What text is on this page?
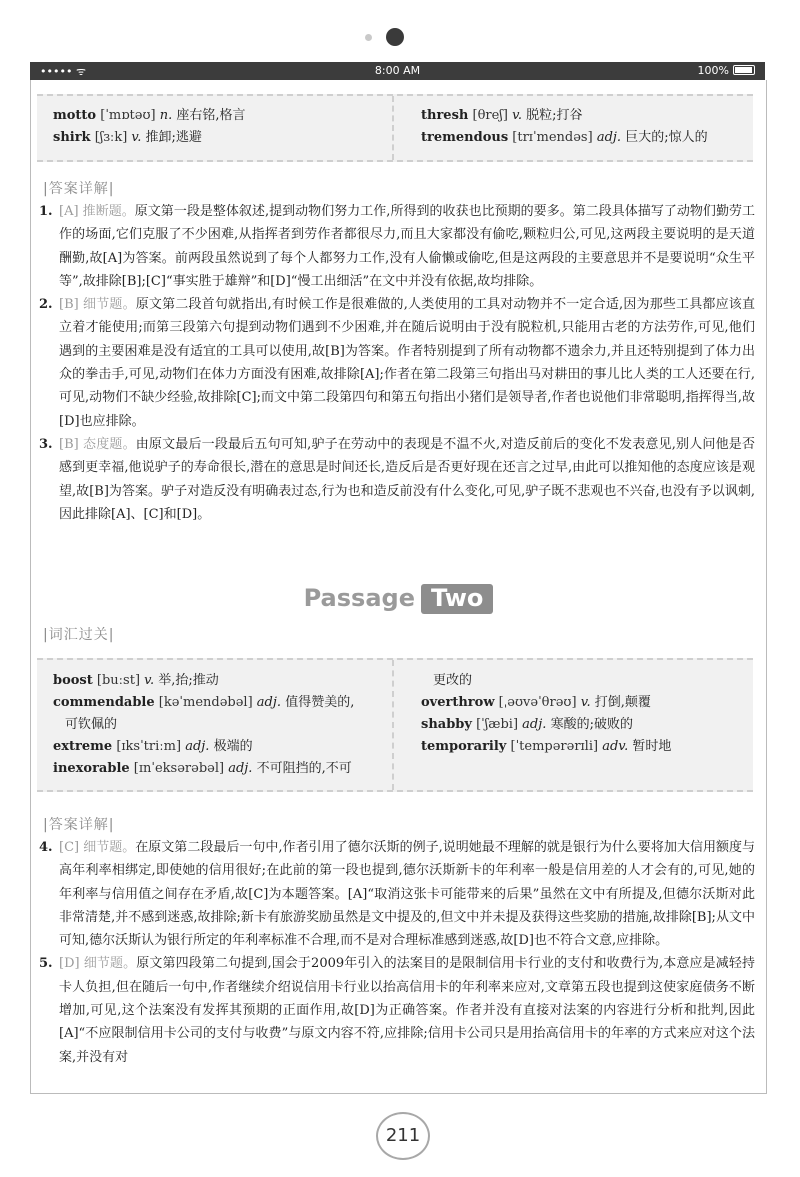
••••• ᯤ	8:00 AM	100%
motto [ˈmɒtəʊ] n. 座右铭,格言
shirk [ʃɜːk] v. 推卸;逃避
thresh [θreʃ] v. 脱粒;打谷
tremendous [trɪˈmendəs] adj. 巨大的;惊人的
|答案详解|

1. [A] 推断题。原文第一段是整体叙述,提到动物们努力工作,所得到的收获也比预期的要多。第二段具体描写了动物们勤劳工作的场面,它们克服了不少困难,从指挥者到劳作者都很尽力,而且大家都没有偷吃,颗粒归公,可见,这两段主要说明的是天道酬勤,故[A]为答案。前两段虽然说到了每个人都努力工作,没有人偷懒或偷吃,但是这两段的主要意思并不是要说明“众生平等”,故排除[B];[C]“事实胜于雄辩”和[D]“慢工出细活”在文中并没有依据,故均排除。

2. [B] 细节题。原文第二段首句就指出,有时候工作是很难做的,人类使用的工具对动物并不一定合适,因为那些工具都应该直立着才能使用;而第三段第六句提到动物们遇到不少困难,并在随后说明由于没有脱粒机,只能用古老的方法劳作,可见,他们遇到的主要困难是没有适宜的工具可以使用,故[B]为答案。作者特别提到了所有动物都不遗余力,并且还特别提到了体力出众的拳击手,可见,动物们在体力方面没有困难,故排除[A];作者在第二段第三句指出马对耕田的事儿比人类的工人还要在行,可见,动物们不缺少经验,故排除[C];而文中第二段第四句和第五句指出小猪们是领导者,作者也说他们非常聪明,指挥得当,故[D]也应排除。

3. [B] 态度题。由原文最后一段最后五句可知,驴子在劳动中的表现是不温不火,对造反前后的变化不发表意见,别人问他是否感到更幸福,他说驴子的寿命很长,潜在的意思是时间还长,造反后是否更好现在还言之过早,由此可以推知他的态度应该是观望,故[B]为答案。驴子对造反没有明确表过态,行为也和造反前没有什么变化,可见,驴子既不悲观也不兴奋,也没有予以讽刺,因此排除[A]、[C]和[D]。

Passage Two
|词汇过关|
boost [buːst] v. 举,抬;推动
commendable [kəˈmendəbəl] adj. 值得赞美的,
可钦佩的
extreme [ɪksˈtriːm] adj. 极端的
inexorable [ɪnˈeksərəbəl] adj. 不可阻挡的,不可
更改的
overthrow [ˌəʊvəˈθrəʊ] v. 打倒,颠覆
shabby [ˈʃæbi] adj. 寒酸的;破败的
temporarily [ˈtempərərɪli] adv. 暂时地
|答案详解|

4. [C] 细节题。在原文第二段最后一句中,作者引用了德尔沃斯的例子,说明她最不理解的就是银行为什么要将加大信用额度与高年利率相绑定,即使她的信用很好;在此前的第一段也提到,德尔沃斯新卡的年利率一般是信用差的人才会有的,可见,她的年利率与信用值之间存在矛盾,故[C]为本题答案。[A]“取消这张卡可能带来的后果”虽然在文中有所提及,但德尔沃斯对此非常清楚,并不感到迷惑,故排除;新卡有旅游奖励虽然是文中提及的,但文中并未提及获得这些奖励的措施,故排除[B];从文中可知,德尔沃斯认为银行所定的年利率标准不合理,而不是对合理标准感到迷惑,故[D]也不符合文意,应排除。

5. [D] 细节题。原文第四段第二句提到,国会于2009年引入的法案目的是限制信用卡行业的支付和收费行为,本意应是减轻持卡人负担,但在随后一句中,作者继续介绍说信用卡行业以抬高信用卡的年利率来应对,文章第五段也提到这使家庭债务不断增加,可见,这个法案没有发挥其预期的正面作用,故[D]为正确答案。作者并没有直接对法案的内容进行分析和批判,因此[A]“不应限制信用卡公司的支付与收费”与原文内容不符,应排除;信用卡公司只是用抬高信用卡的年率的方式来应对这个法案,并没有对

211
